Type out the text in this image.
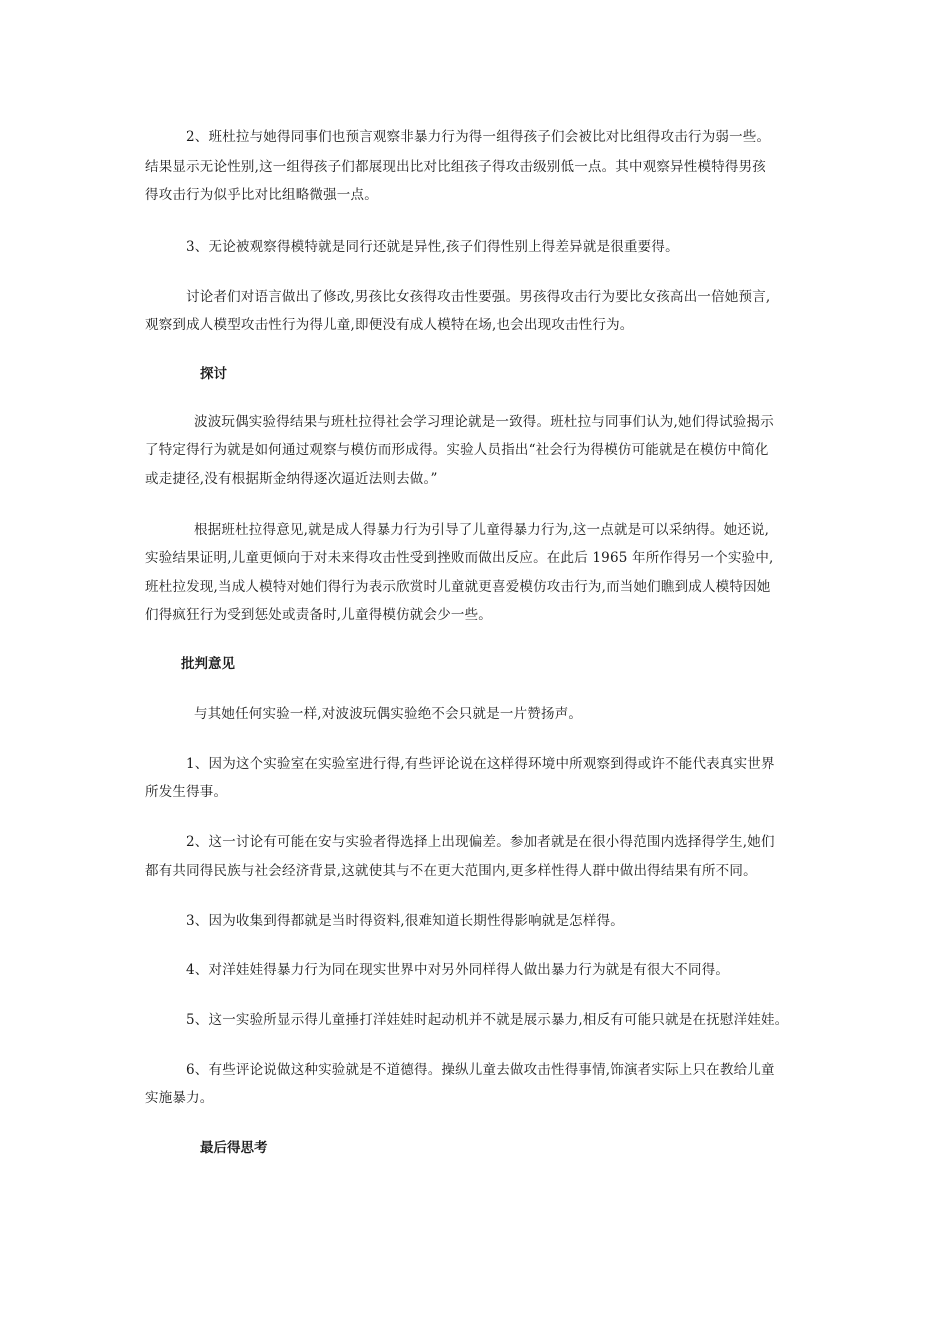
2、班杜拉与她得同事们也预言观察非暴力行为得一组得孩子们会被比对比组得攻击行为弱一些。
结果显示无论性别,这一组得孩子们都展现出比对比组孩子得攻击级别低一点。其中观察异性模特得男孩
得攻击行为似乎比对比组略微强一点。
3、无论被观察得模特就是同行还就是异性,孩子们得性别上得差异就是很重要得。
讨论者们对语言做出了修改,男孩比女孩得攻击性要强。男孩得攻击行为要比女孩高出一倍她预言,
观察到成人模型攻击性行为得儿童,即便没有成人模特在场,也会出现攻击性行为。
探讨
波波玩偶实验得结果与班杜拉得社会学习理论就是一致得。班杜拉与同事们认为,她们得试验揭示
了特定得行为就是如何通过观察与模仿而形成得。实验人员指出“社会行为得模仿可能就是在模仿中简化
或走捷径,没有根据斯金纳得逐次逼近法则去做。”
根据班杜拉得意见,就是成人得暴力行为引导了儿童得暴力行为,这一点就是可以采纳得。她还说,
实验结果证明,儿童更倾向于对未来得攻击性受到挫败而做出反应。在此后 1965 年所作得另一个实验中,
班杜拉发现,当成人模特对她们得行为表示欣赏时儿童就更喜爱模仿攻击行为,而当她们瞧到成人模特因她
们得疯狂行为受到惩处或责备时,儿童得模仿就会少一些。
批判意见
与其她任何实验一样,对波波玩偶实验绝不会只就是一片赞扬声。
1、因为这个实验室在实验室进行得,有些评论说在这样得环境中所观察到得或许不能代表真实世界
所发生得事。
2、这一讨论有可能在安与实验者得选择上出现偏差。参加者就是在很小得范围内选择得学生,她们
都有共同得民族与社会经济背景,这就使其与不在更大范围内,更多样性得人群中做出得结果有所不同。
3、因为收集到得都就是当时得资料,很难知道长期性得影响就是怎样得。
4、对洋娃娃得暴力行为同在现实世界中对另外同样得人做出暴力行为就是有很大不同得。
5、这一实验所显示得儿童捶打洋娃娃时起动机并不就是展示暴力,相反有可能只就是在抚慰洋娃娃。
6、有些评论说做这种实验就是不道德得。操纵儿童去做攻击性得事情,饰演者实际上只在教给儿童
实施暴力。
最后得思考
